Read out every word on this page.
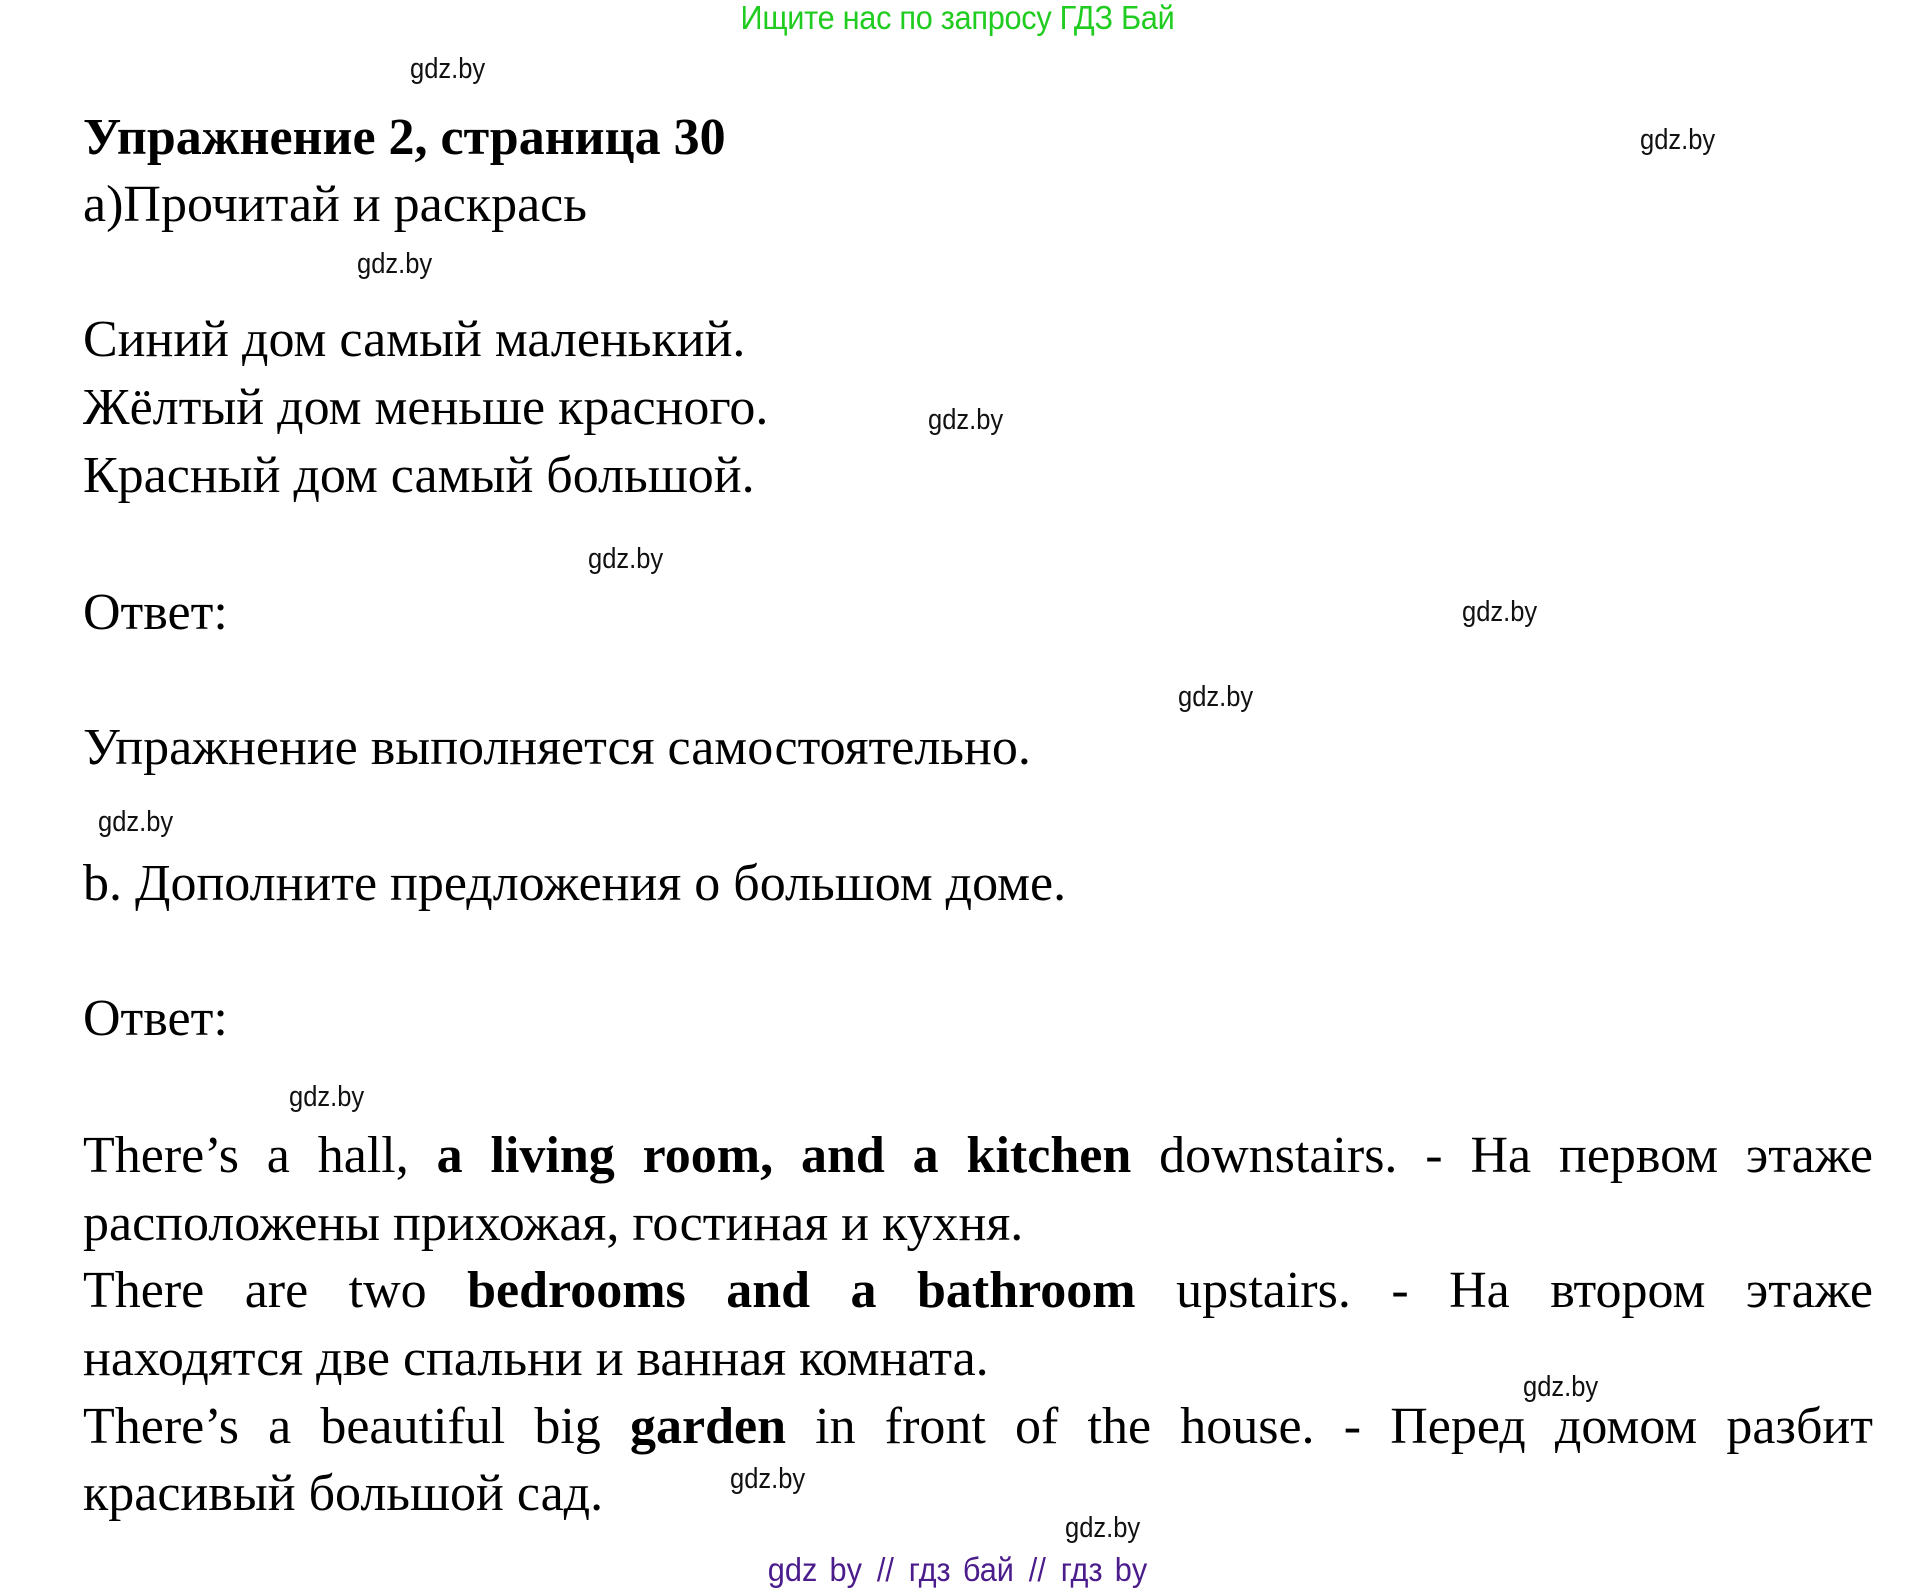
Ищите нас по запросу ГДЗ Бай
gdz.by
gdz.by
gdz.by
gdz.by
gdz.by
gdz.by
gdz.by
gdz.by
gdz.by
gdz.by
gdz.by
gdz.by
Упражнение 2, страница 30
a)Прочитай и раскрась
Синий дом самый маленький.
Жёлтый дом меньше красного.
Красный дом самый большой.
Ответ:
Упражнение выполняется самостоятельно.
b. Дополните предложения о большом доме.
Ответ:
There’s a hall, a living room, and a kitchen downstairs. - На первом этаже
расположены прихожая, гостиная и кухня.
There are two bedrooms and a bathroom upstairs. - На втором этаже
находятся две спальни и ванная комната.
There’s a beautiful big garden in front of the house. - Перед домом разбит
красивый большой сад.
gdz by // гдз бай // гдз by
